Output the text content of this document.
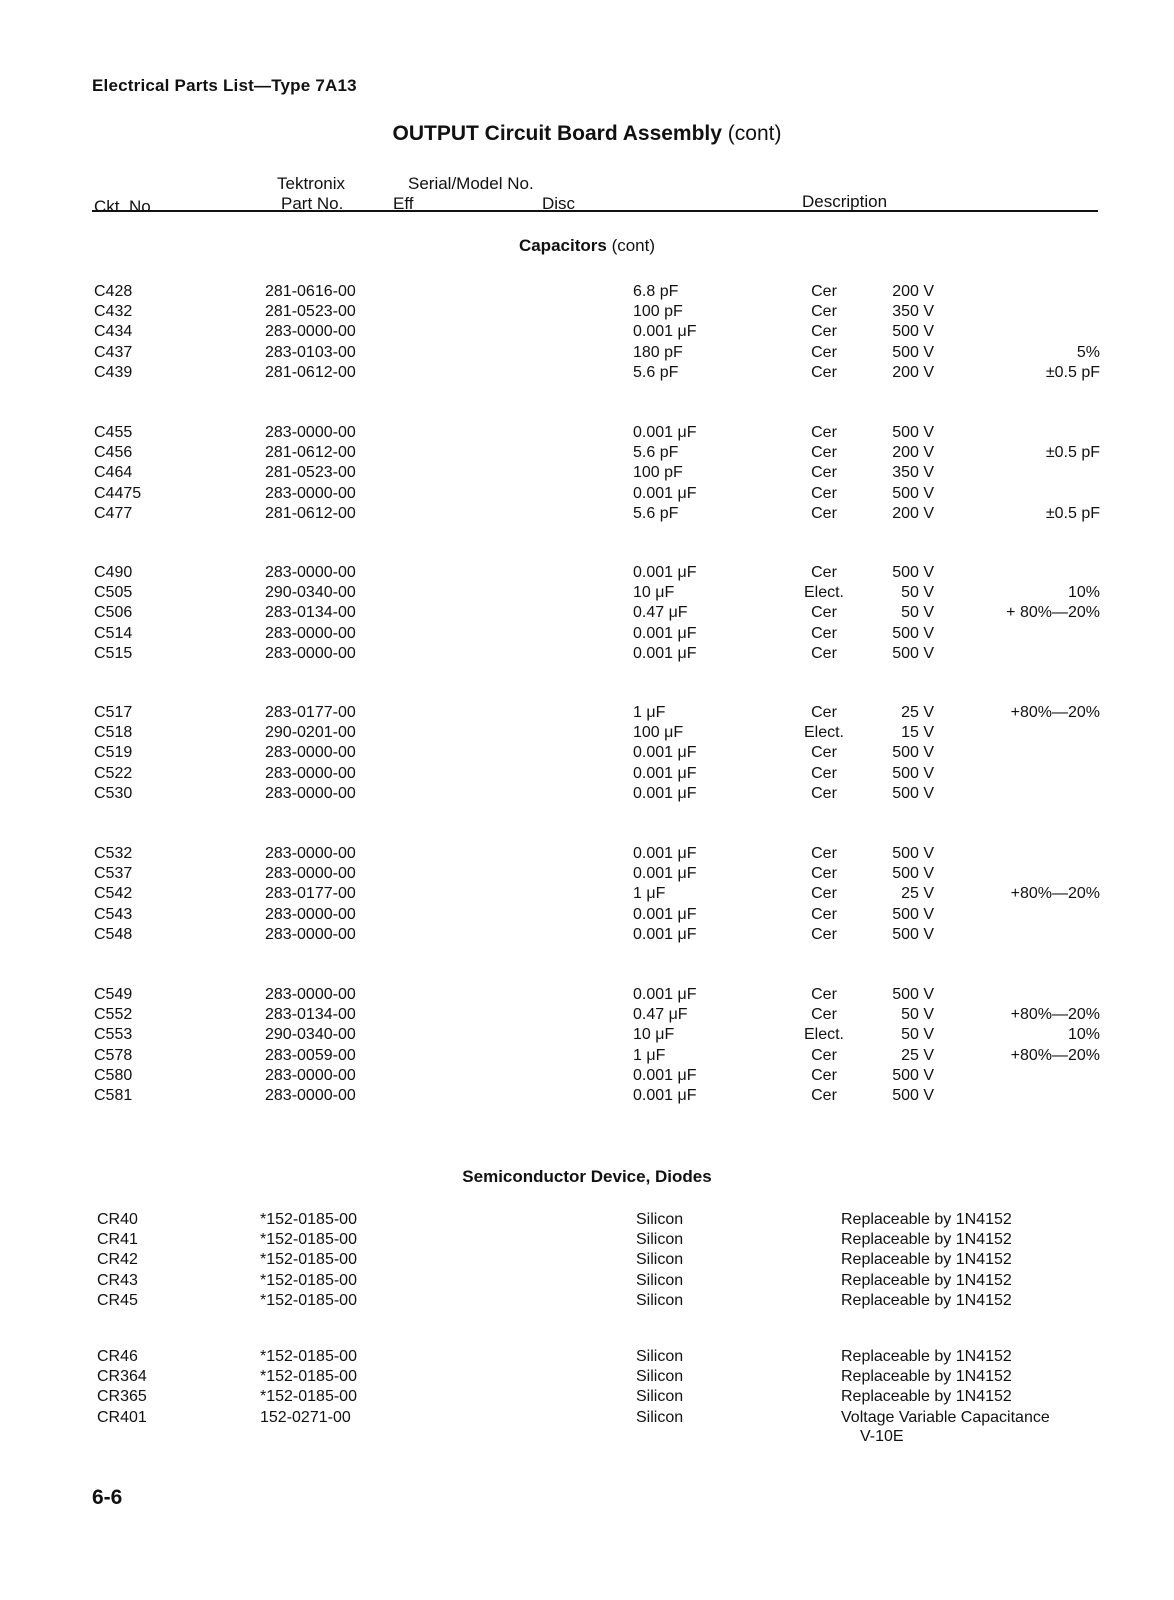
Electrical Parts List—Type 7A13
OUTPUT Circuit Board Assembly (cont)
Tektronix
Part No.
Ckt. No.
Serial/Model No.
Eff	Disc	Description
Capacitors (cont)
C428	281-0616-00	6.8 pF	Cer	200 V
C432	281-0523-00	100 pF	Cer	350 V
C434	283-0000-00	0.001 μF	Cer	500 V
C437	283-0103-00	180 pF	Cer	500 V	5%
C439	281-0612-00	5.6 pF	Cer	200 V	±0.5 pF
C455	283-0000-00	0.001 μF	Cer	500 V
C456	281-0612-00	5.6 pF	Cer	200 V	±0.5 pF
C464	281-0523-00	100 pF	Cer	350 V
C4475	283-0000-00	0.001 μF	Cer	500 V
C477	281-0612-00	5.6 pF	Cer	200 V	±0.5 pF
C490	283-0000-00	0.001 μF	Cer	500 V
C505	290-0340-00	10 μF	Elect.	50 V	10%
C506	283-0134-00	0.47 μF	Cer	50 V	+ 80%—20%
C514	283-0000-00	0.001 μF	Cer	500 V
C515	283-0000-00	0.001 μF	Cer	500 V
C517	283-0177-00	1 μF	Cer	25 V	+80%—20%
C518	290-0201-00	100 μF	Elect.	15 V
C519	283-0000-00	0.001 μF	Cer	500 V
C522	283-0000-00	0.001 μF	Cer	500 V
C530	283-0000-00	0.001 μF	Cer	500 V
C532	283-0000-00	0.001 μF	Cer	500 V
C537	283-0000-00	0.001 μF	Cer	500 V
C542	283-0177-00	1 μF	Cer	25 V	+80%—20%
C543	283-0000-00	0.001 μF	Cer	500 V
C548	283-0000-00	0.001 μF	Cer	500 V
C549	283-0000-00	0.001 μF	Cer	500 V
C552	283-0134-00	0.47 μF	Cer	50 V	+80%—20%
C553	290-0340-00	10 μF	Elect.	50 V	10%
C578	283-0059-00	1 μF	Cer	25 V	+80%—20%
C580	283-0000-00	0.001 μF	Cer	500 V
C581	283-0000-00	0.001 μF	Cer	500 V
Semiconductor Device, Diodes
CR40	*152-0185-00	Silicon	Replaceable by 1N4152
CR41	*152-0185-00	Silicon	Replaceable by 1N4152
CR42	*152-0185-00	Silicon	Replaceable by 1N4152
CR43	*152-0185-00	Silicon	Replaceable by 1N4152
CR45	*152-0185-00	Silicon	Replaceable by 1N4152
CR46	*152-0185-00	Silicon	Replaceable by 1N4152
CR364	*152-0185-00	Silicon	Replaceable by 1N4152
CR365	*152-0185-00	Silicon	Replaceable by 1N4152
CR401	152-0271-00	Silicon	Voltage Variable Capacitance
V-10E
6-6
